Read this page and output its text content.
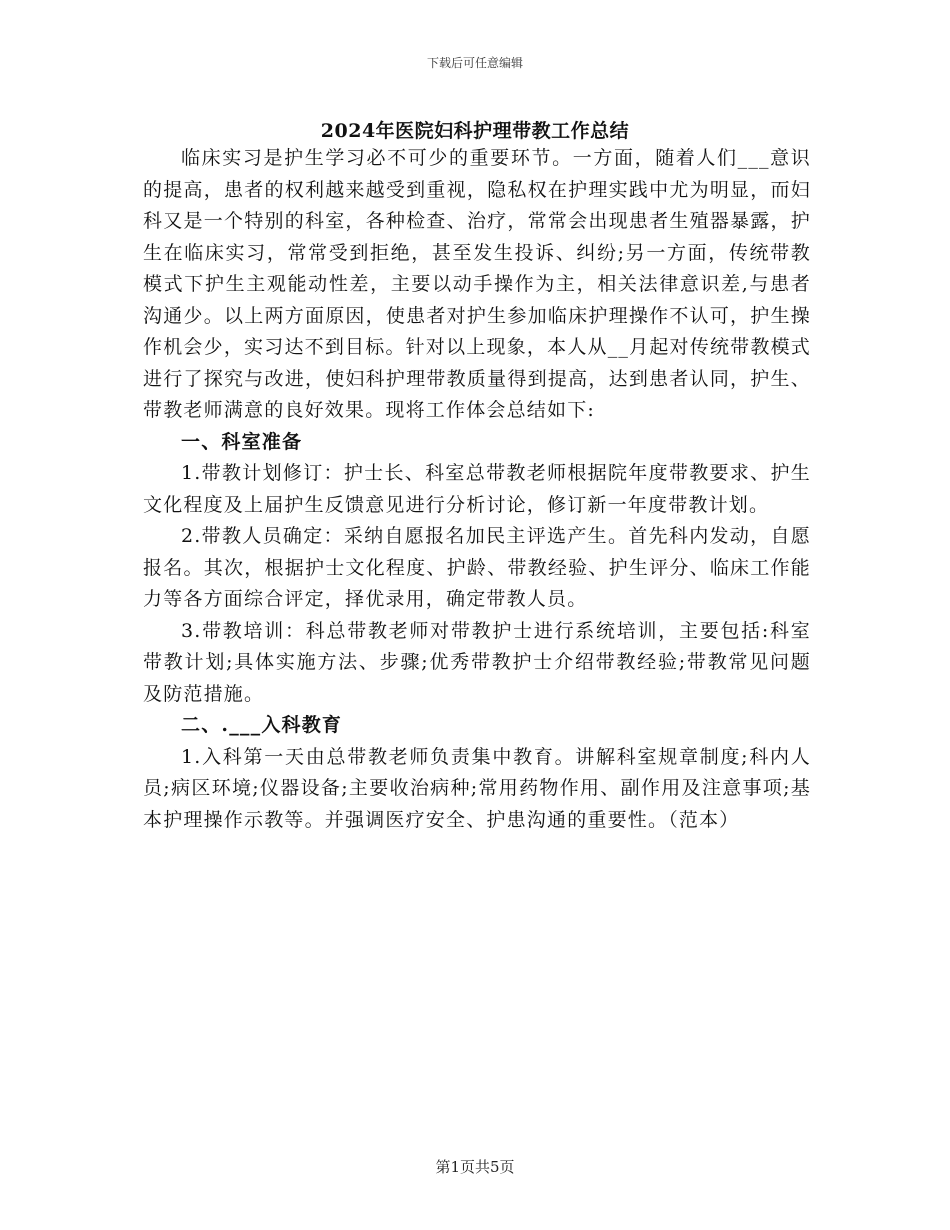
下载后可任意编辑
2024年医院妇科护理带教工作总结

临床实习是护生学习必不可少的重要环节。一方面，随着人们___意识的提高，患者的权利越来越受到重视，隐私权在护理实践中尤为明显，而妇科又是一个特别的科室，各种检查、治疗，常常会出现患者生殖器暴露，护生在临床实习，常常受到拒绝，甚至发生投诉、纠纷;另一方面，传统带教模式下护生主观能动性差，主要以动手操作为主，相关法律意识差,与患者沟通少。以上两方面原因，使患者对护生参加临床护理操作不认可，护生操作机会少，实习达不到目标。针对以上现象，本人从__月起对传统带教模式进行了探究与改进，使妇科护理带教质量得到提高，达到患者认同，护生、带教老师满意的良好效果。现将工作体会总结如下:

一、科室准备

1.带教计划修订：护士长、科室总带教老师根据院年度带教要求、护生文化程度及上届护生反馈意见进行分析讨论，修订新一年度带教计划。

2.带教人员确定：采纳自愿报名加民主评选产生。首先科内发动，自愿报名。其次，根据护士文化程度、护龄、带教经验、护生评分、临床工作能力等各方面综合评定，择优录用，确定带教人员。

3.带教培训：科总带教老师对带教护士进行系统培训，主要包括:科室带教计划;具体实施方法、步骤;优秀带教护士介绍带教经验;带教常见问题及防范措施。

二、.___入科教育

1.入科第一天由总带教老师负责集中教育。讲解科室规章制度;科内人员;病区环境;仪器设备;主要收治病种;常用药物作用、副作用及注意事项;基本护理操作示教等。并强调医疗安全、护患沟通的重要性。（范本）

第1页共5页
